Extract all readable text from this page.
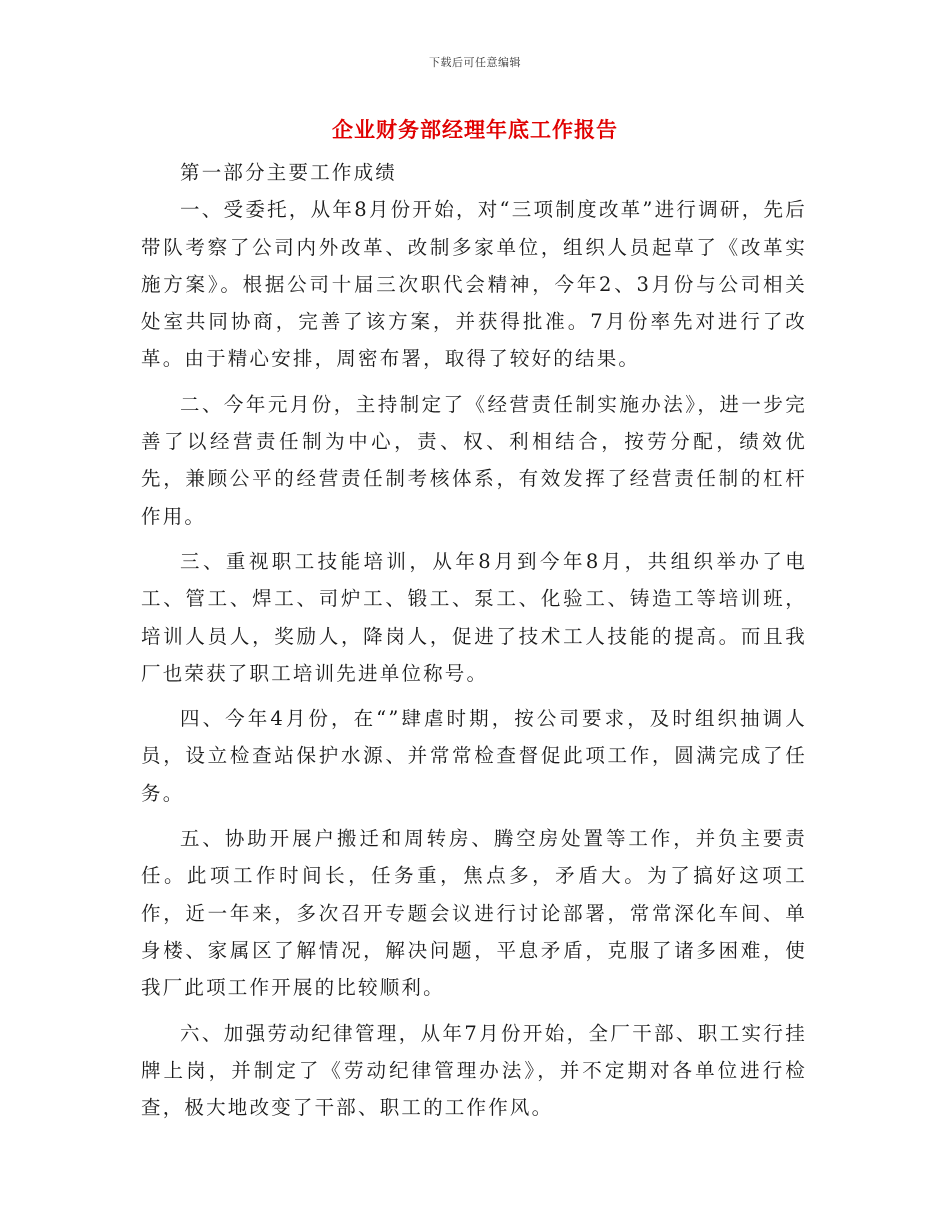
下载后可任意编辑
企业财务部经理年底工作报告

第一部分主要工作成绩

一、受委托，从年8月份开始，对“三项制度改革”进行调研，先后带队考察了公司内外改革、改制多家单位，组织人员起草了《改革实施方案》。根据公司十届三次职代会精神，今年2、3月份与公司相关处室共同协商，完善了该方案，并获得批准。7月份率先对进行了改革。由于精心安排，周密布署，取得了较好的结果。

二、今年元月份，主持制定了《经营责任制实施办法》，进一步完善了以经营责任制为中心，责、权、利相结合，按劳分配，绩效优先，兼顾公平的经营责任制考核体系，有效发挥了经营责任制的杠杆作用。

三、重视职工技能培训，从年8月到今年8月，共组织举办了电工、管工、焊工、司炉工、锻工、泵工、化验工、铸造工等培训班，培训人员人，奖励人，降岗人，促进了技术工人技能的提高。而且我厂也荣获了职工培训先进单位称号。

四、今年4月份，在“”肆虐时期，按公司要求，及时组织抽调人员，设立检查站保护水源、并常常检查督促此项工作，圆满完成了任务。

五、协助开展户搬迁和周转房、腾空房处置等工作，并负主要责任。此项工作时间长，任务重，焦点多，矛盾大。为了搞好这项工作，近一年来，多次召开专题会议进行讨论部署，常常深化车间、单身楼、家属区了解情况，解决问题，平息矛盾，克服了诸多困难，使我厂此项工作开展的比较顺利。

六、加强劳动纪律管理，从年7月份开始，全厂干部、职工实行挂牌上岗，并制定了《劳动纪律管理办法》，并不定期对各单位进行检查，极大地改变了干部、职工的工作作风。
